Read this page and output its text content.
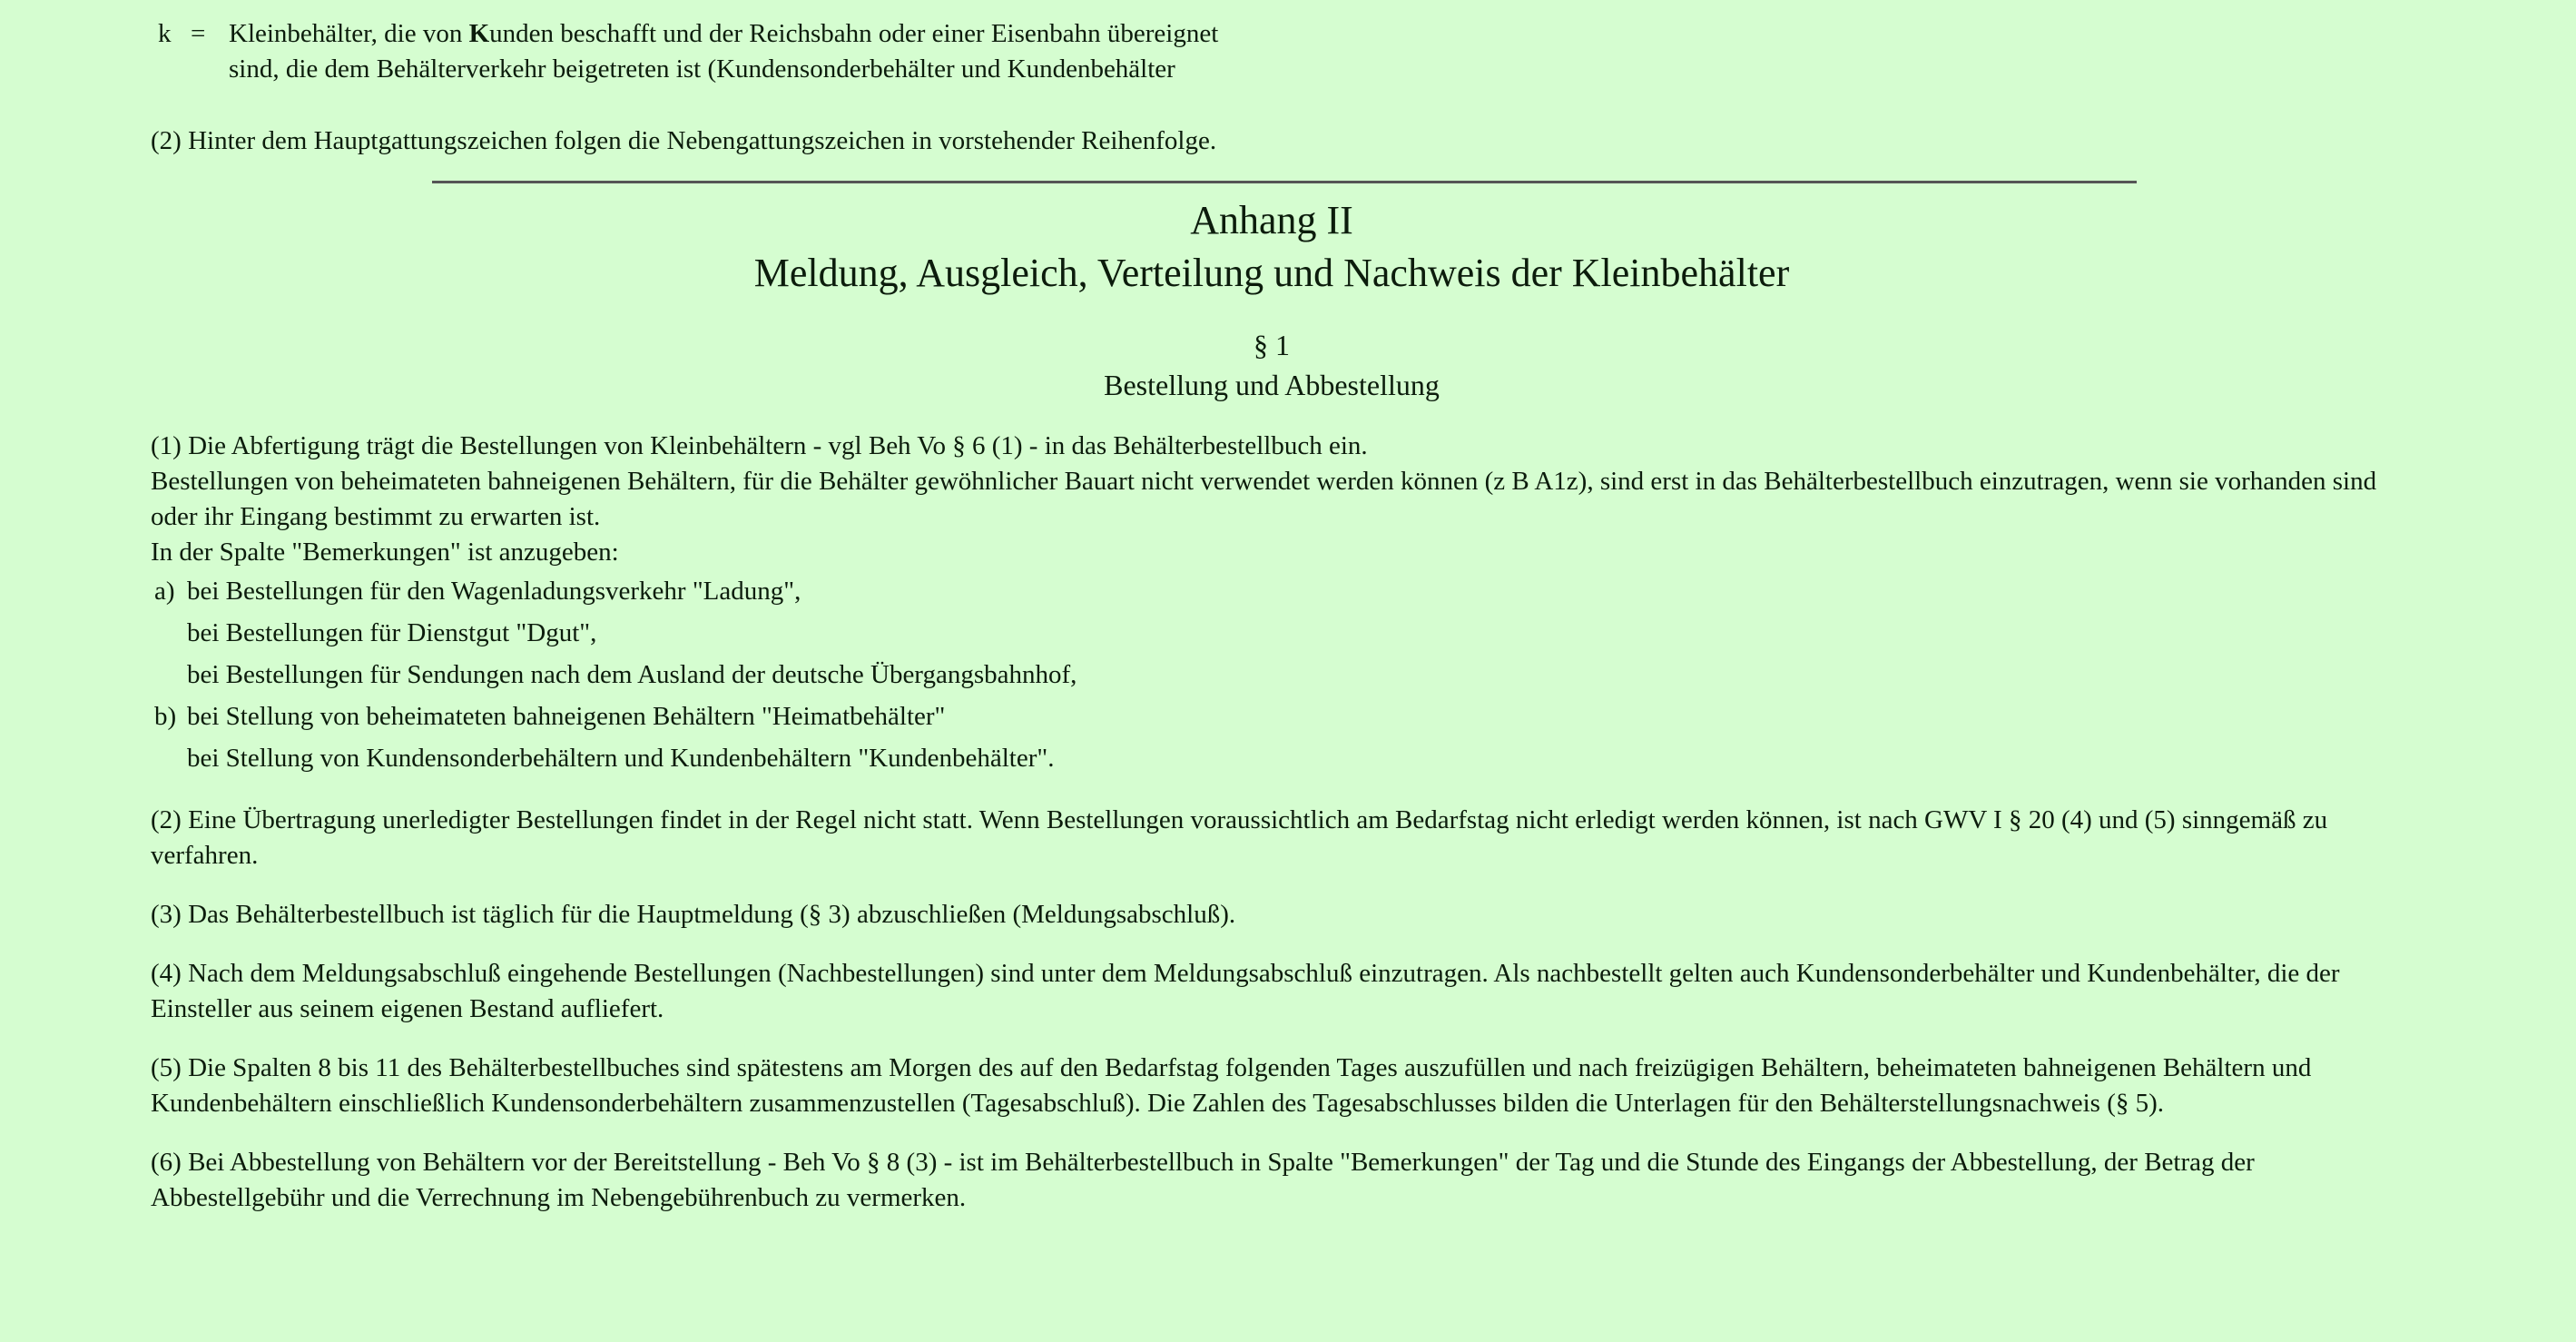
k = Kleinbehälter, die von Kunden beschafft und der Reichsbahn oder einer Eisenbahn übereignet sind, die dem Behälterverkehr beigetreten ist (Kundensonderbehälter und Kundenbehälter
(2) Hinter dem Hauptgattungszeichen folgen die Nebengattungszeichen in vorstehender Reihenfolge.
Anhang II
Meldung, Ausgleich, Verteilung und Nachweis der Kleinbehälter
§ 1
Bestellung und Abbestellung
(1) Die Abfertigung trägt die Bestellungen von Kleinbehältern - vgl Beh Vo § 6 (1) - in das Behälterbestellbuch ein.
Bestellungen von beheimateten bahneigenen Behältern, für die Behälter gewöhnlicher Bauart nicht verwendet werden können (z B A1z), sind erst in das Behälterbestellbuch einzutragen, wenn sie vorhanden sind oder ihr Eingang bestimmt zu erwarten ist.
In der Spalte "Bemerkungen" ist anzugeben:
a) bei Bestellungen für den Wagenladungsverkehr "Ladung",
bei Bestellungen für Dienstgut "Dgut",
bei Bestellungen für Sendungen nach dem Ausland der deutsche Übergangsbahnhof,
b) bei Stellung von beheimateten bahneigenen Behältern "Heimatbehälter"
bei Stellung von Kundensonderbehältern und Kundenbehältern "Kundenbehälter".
(2) Eine Übertragung unerledigter Bestellungen findet in der Regel nicht statt. Wenn Bestellungen voraussichtlich am Bedarfstag nicht erledigt werden können, ist nach GWV I § 20 (4) und (5) sinngemäß zu verfahren.
(3) Das Behälterbestellbuch ist täglich für die Hauptmeldung (§ 3) abzuschließen (Meldungsabschluß).
(4) Nach dem Meldungsabschluß eingehende Bestellungen (Nachbestellungen) sind unter dem Meldungsabschluß einzutragen. Als nachbestellt gelten auch Kundensonderbehälter und Kundenbehälter, die der Einsteller aus seinem eigenen Bestand aufliefert.
(5) Die Spalten 8 bis 11 des Behälterbestellbuches sind spätestens am Morgen des auf den Bedarfstag folgenden Tages auszufüllen und nach freizügigen Behältern, beheimateten bahneigenen Behältern und Kundenbehältern einschließlich Kundensonderbehältern zusammenzustellen (Tagesabschluß). Die Zahlen des Tagesabschlusses bilden die Unterlagen für den Behälterstellungsnachweis (§ 5).
(6) Bei Abbestellung von Behältern vor der Bereitstellung - Beh Vo § 8 (3) - ist im Behälterbestellbuch in Spalte "Bemerkungen" der Tag und die Stunde des Eingangs der Abbestellung, der Betrag der Abbestellgebühr und die Verrechnung im Nebengebührenbuch zu vermerken.
